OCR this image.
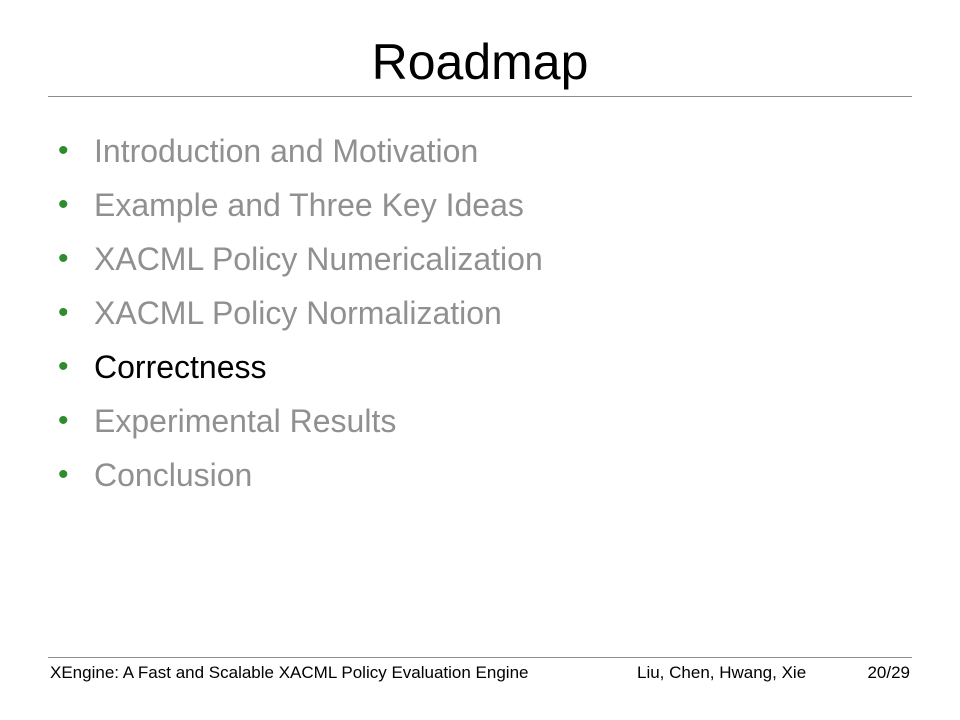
Roadmap
• Introduction and Motivation
• Example and Three Key Ideas
• XACML Policy Numericalization
• XACML Policy Normalization
• Correctness
• Experimental Results
• Conclusion
XEngine: A Fast and Scalable XACML Policy Evaluation Engine	Liu, Chen, Hwang, Xie	20/29
